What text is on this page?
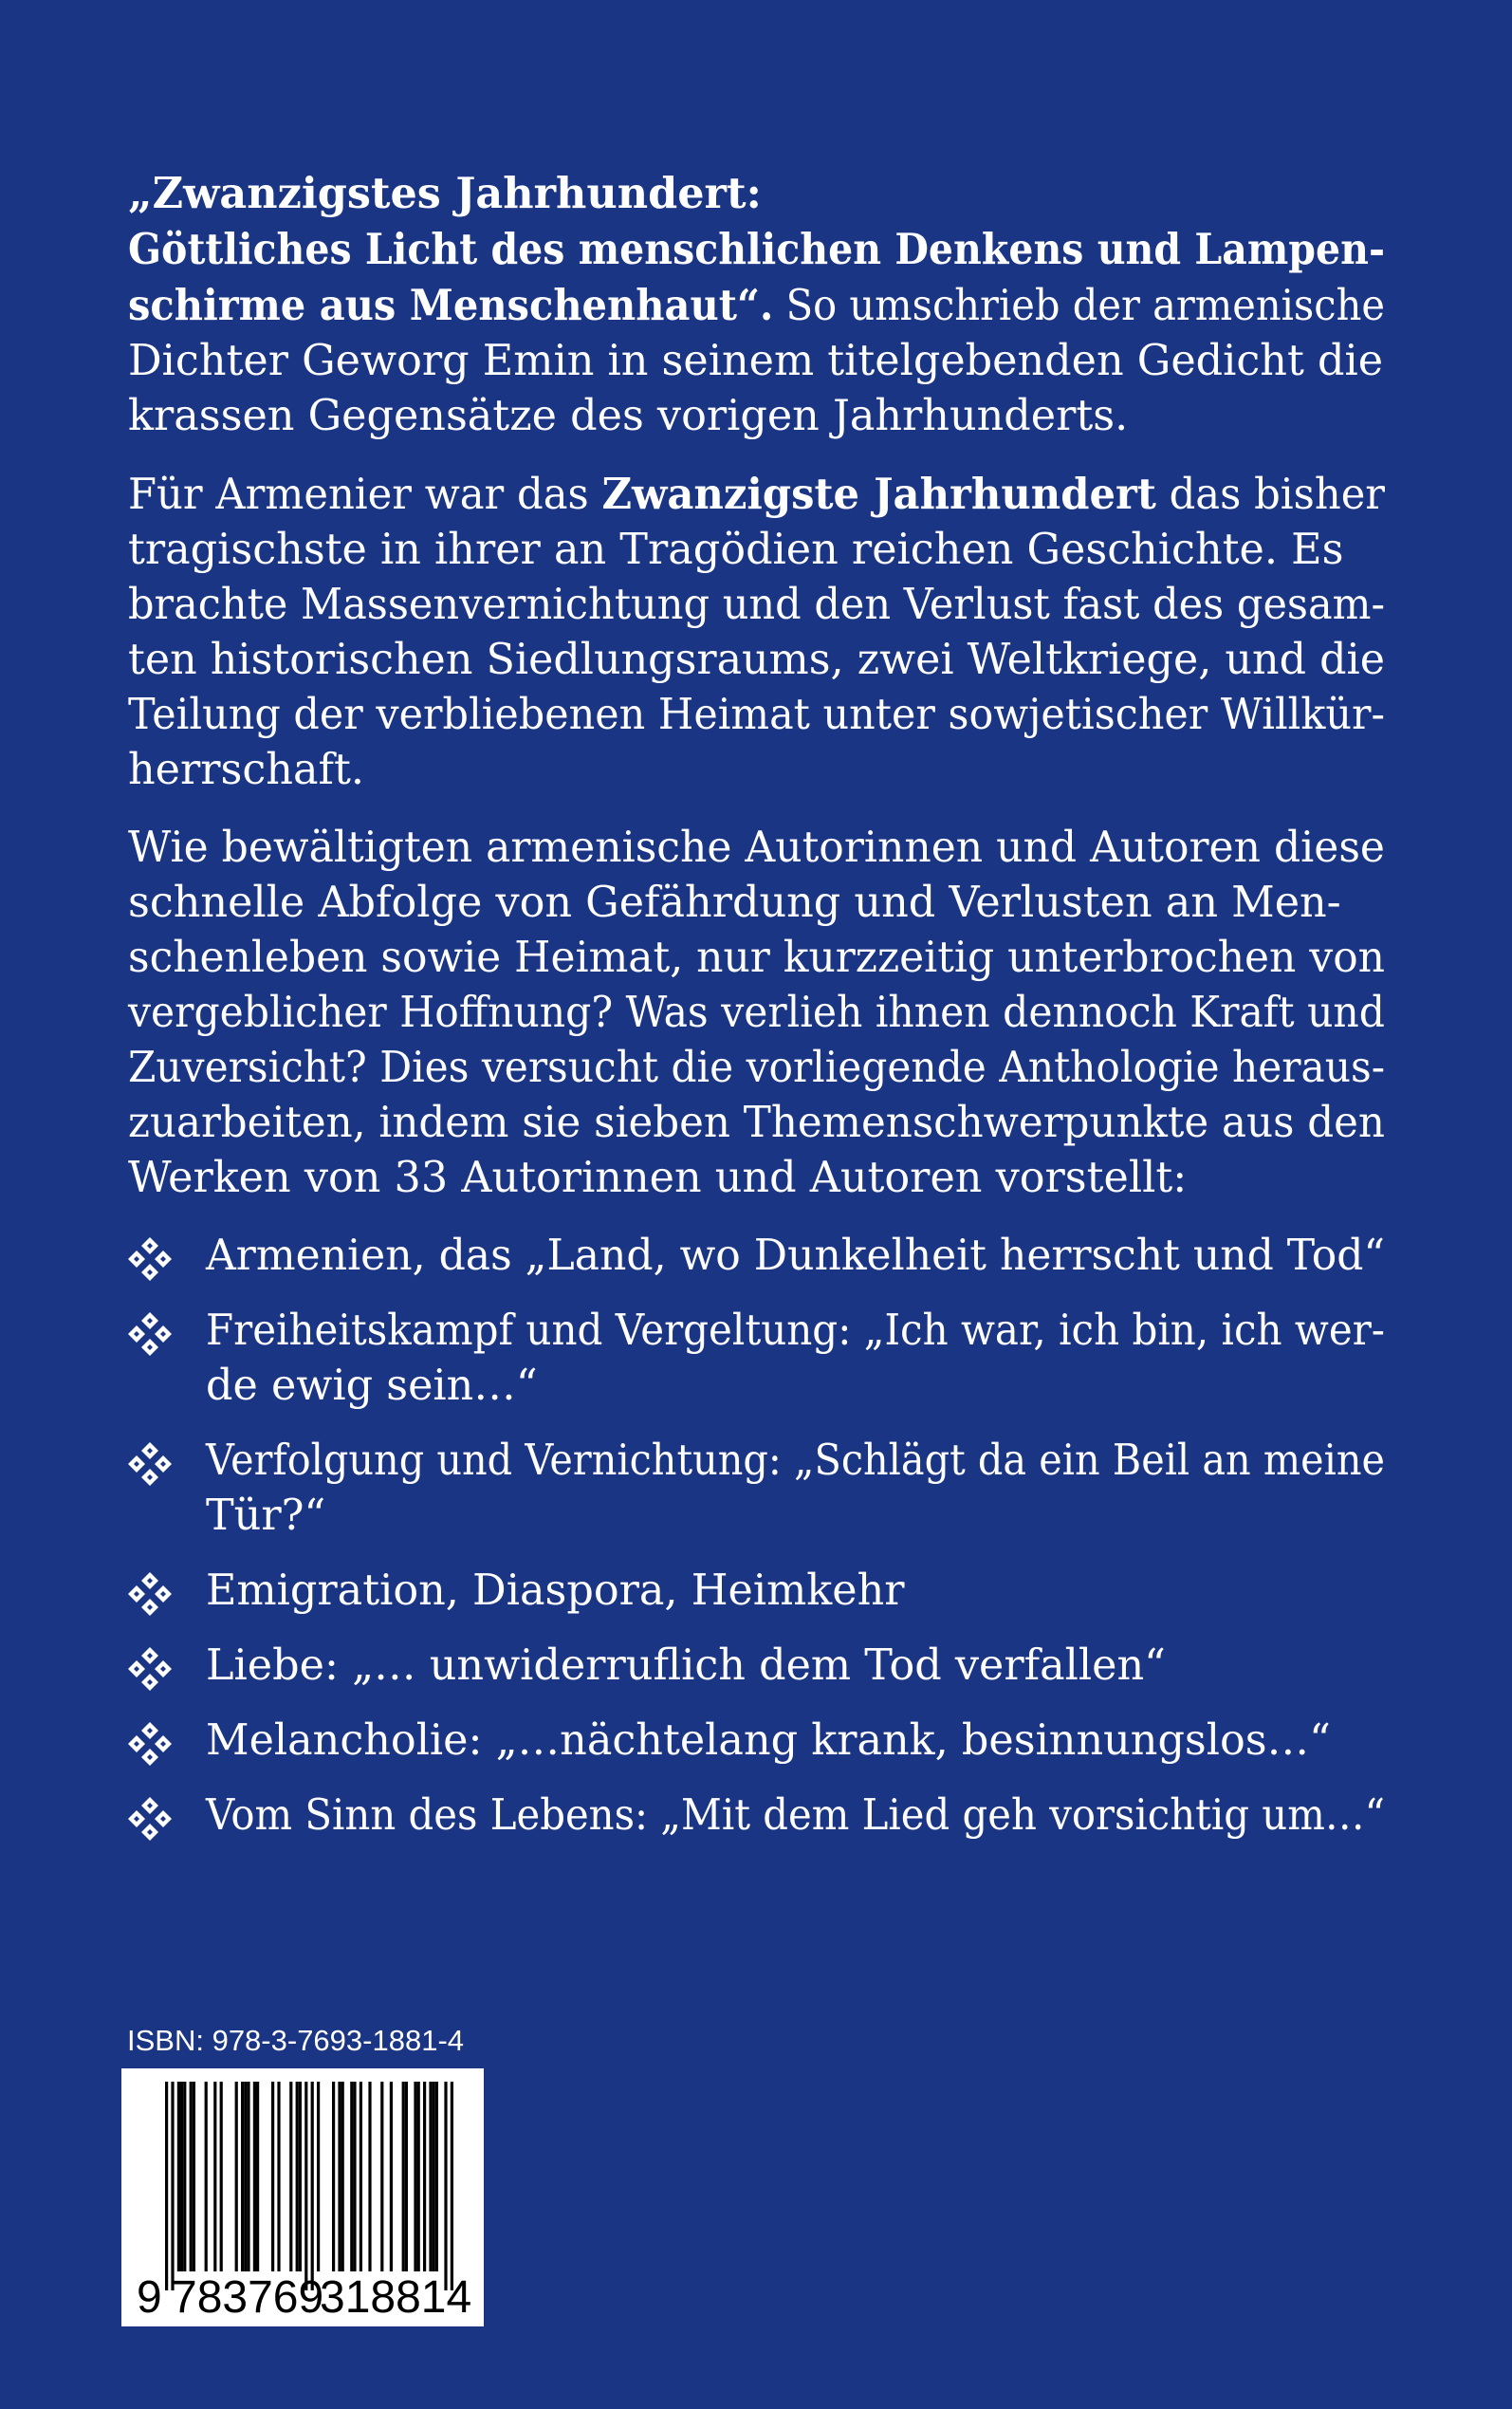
„Zwanzigstes Jahrhundert:
Göttliches Licht des menschlichen Denkens und Lampen-
schirme aus Menschenhaut“. So umschrieb der armenische
Dichter Geworg Emin in seinem titelgebenden Gedicht die
krassen Gegensätze des vorigen Jahrhunderts.
Für Armenier war das Zwanzigste Jahrhundert das bisher
tragischste in ihrer an Tragödien reichen Geschichte. Es
brachte Massenvernichtung und den Verlust fast des gesam-
ten historischen Siedlungsraums, zwei Weltkriege, und die
Teilung der verbliebenen Heimat unter sowjetischer Willkür-
herrschaft.
Wie bewältigten armenische Autorinnen und Autoren diese
schnelle Abfolge von Gefährdung und Verlusten an Men-
schenleben sowie Heimat, nur kurzzeitig unterbrochen von
vergeblicher Hoffnung? Was verlieh ihnen dennoch Kraft und
Zuversicht? Dies versucht die vorliegende Anthologie heraus-
zuarbeiten, indem sie sieben Themenschwerpunkte aus den
Werken von 33 Autorinnen und Autoren vorstellt:
Armenien, das „Land, wo Dunkelheit herrscht und Tod“
Freiheitskampf und Vergeltung: „Ich war, ich bin, ich wer-
de ewig sein…“
Verfolgung und Vernichtung: „Schlägt da ein Beil an meine
Tür?“
Emigration, Diaspora, Heimkehr
Liebe: „… unwiderruflich dem Tod verfallen“
Melancholie: „…nächtelang krank, besinnungslos…“
Vom Sinn des Lebens: „Mit dem Lied geh vorsichtig um…“
ISBN: 978-3-7693-1881-4
9 783769
318814
